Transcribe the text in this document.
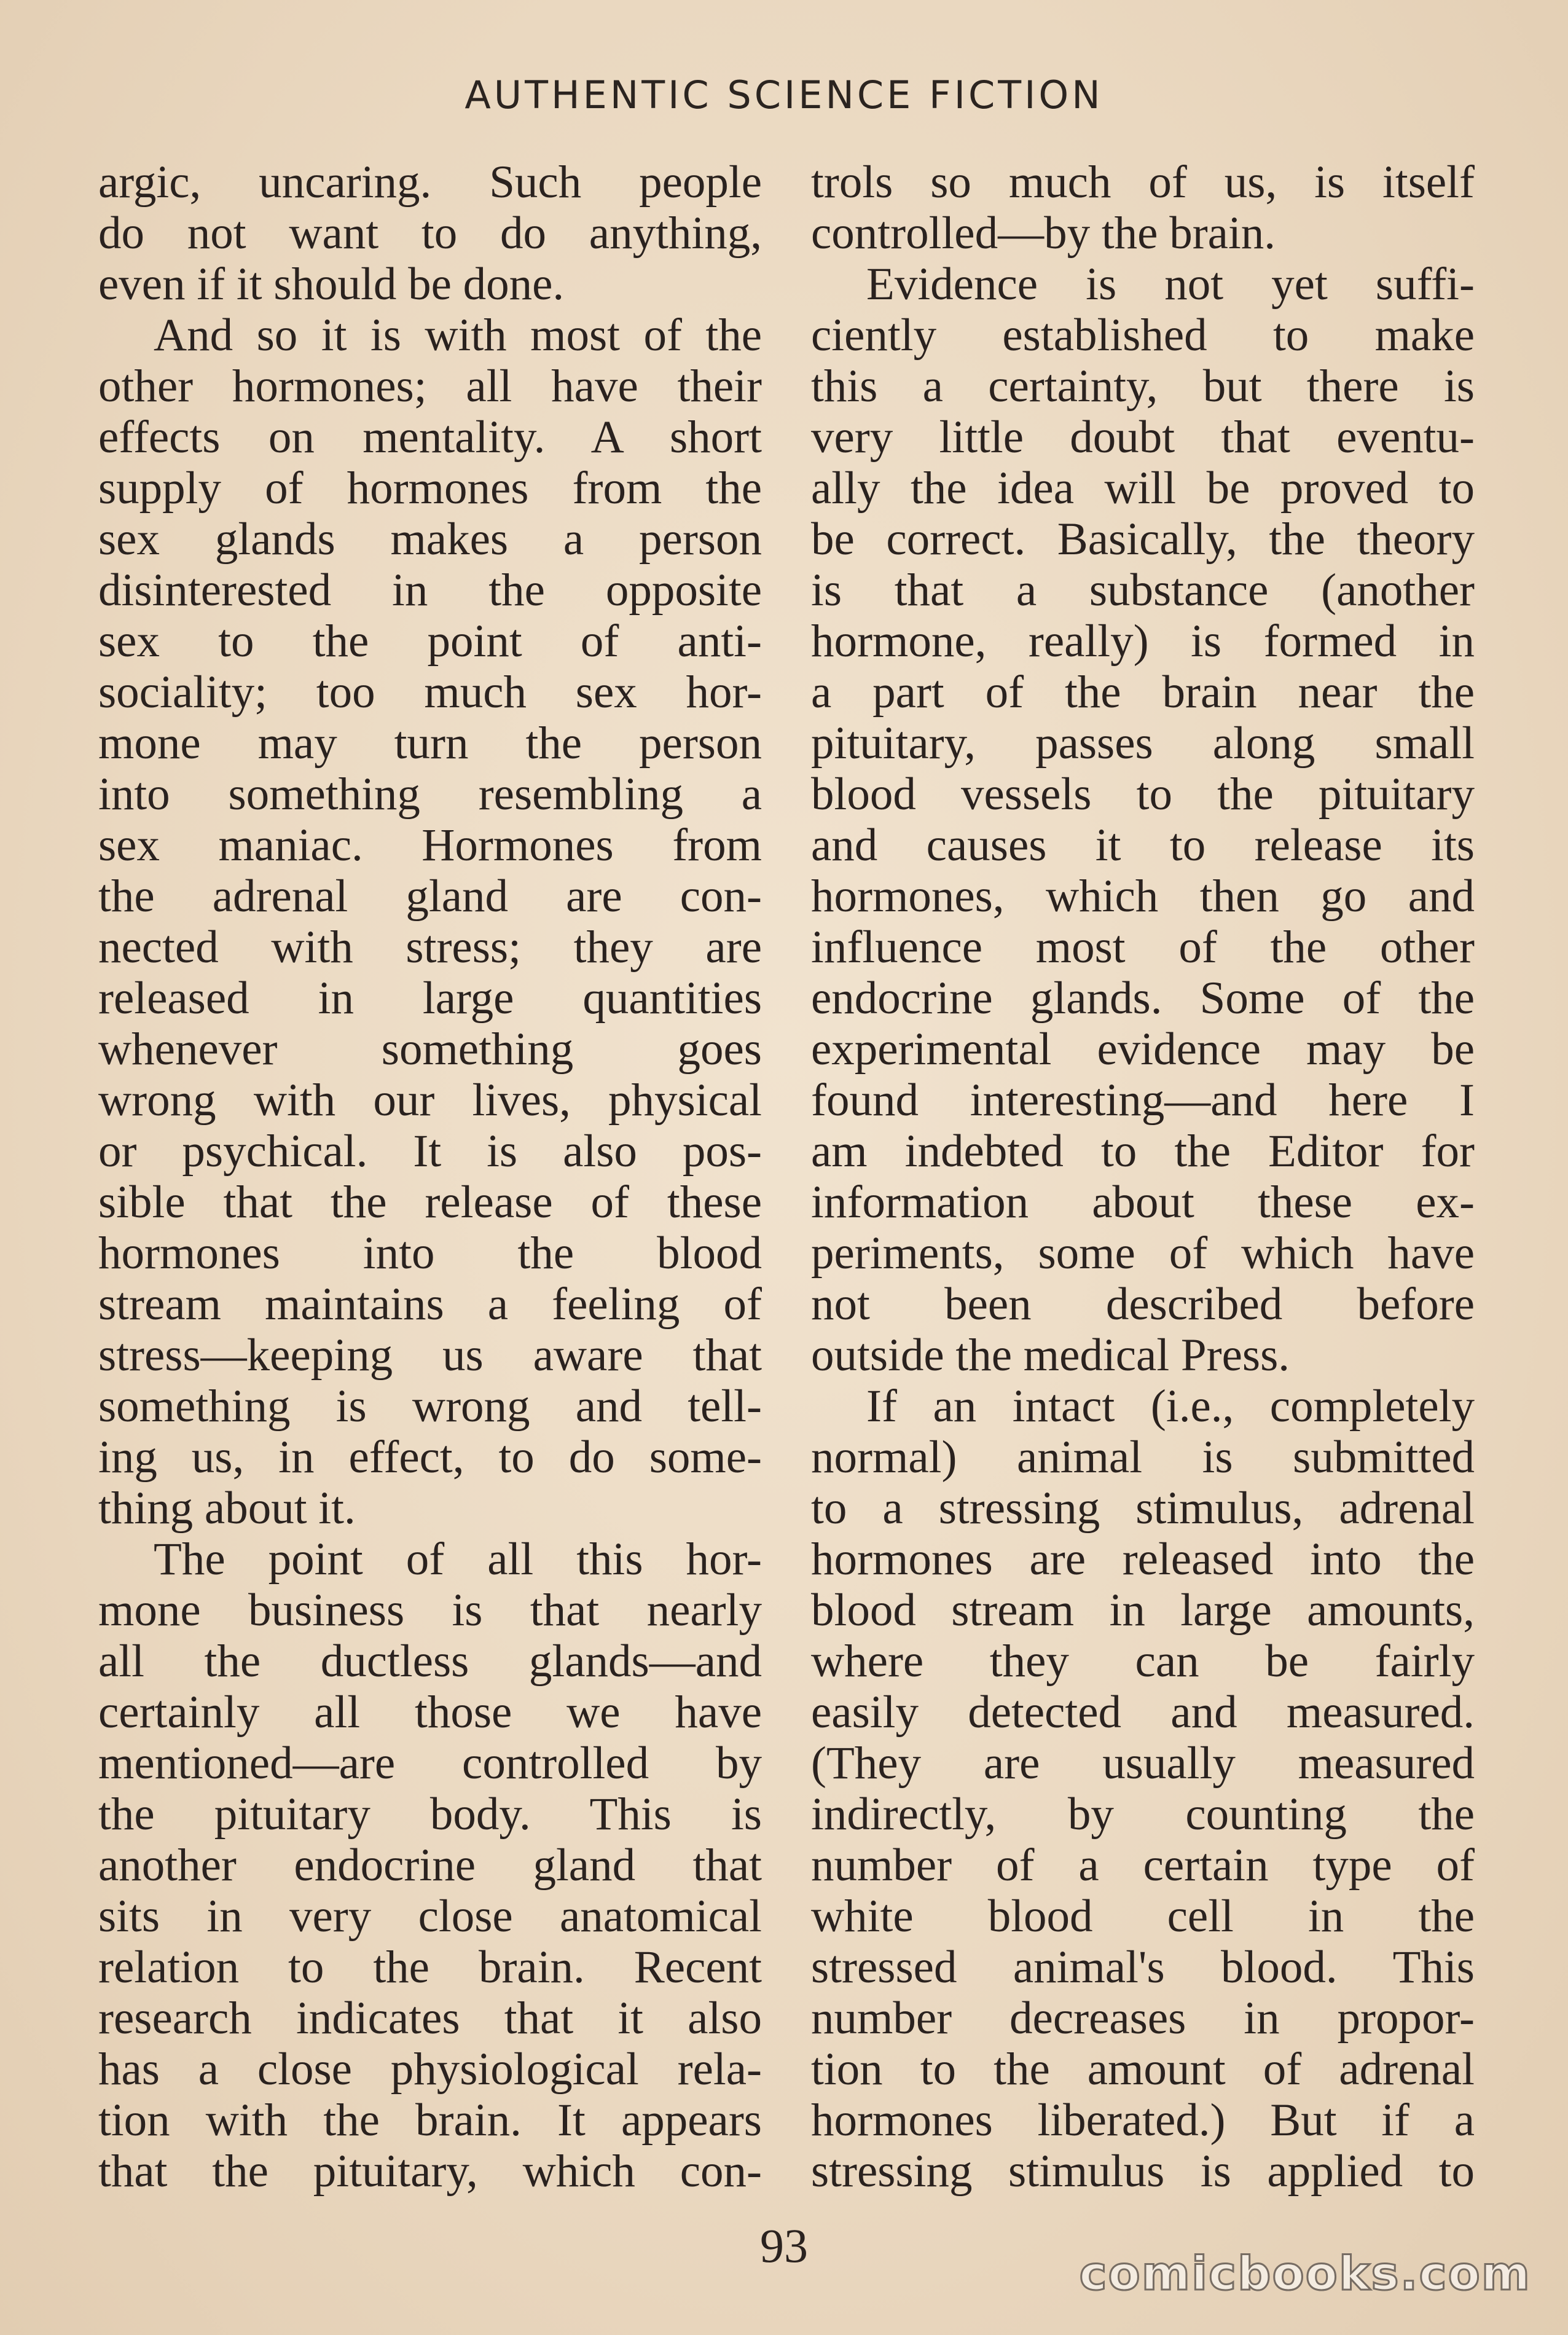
AUTHENTIC SCIENCE FICTION
argic, uncaring. Such people
do not want to do anything,
even if it should be done.
And so it is with most of the
other hormones; all have their
effects on mentality. A short
supply of hormones from the
sex glands makes a person
disinterested in the opposite
sex to the point of anti-
sociality; too much sex hor-
mone may turn the person
into something resembling a
sex maniac. Hormones from
the adrenal gland are con-
nected with stress; they are
released in large quantities
whenever something goes
wrong with our lives, physical
or psychical. It is also pos-
sible that the release of these
hormones into the blood
stream maintains a feeling of
stress—keeping us aware that
something is wrong and tell-
ing us, in effect, to do some-
thing about it.
The point of all this hor-
mone business is that nearly
all the ductless glands—and
certainly all those we have
mentioned—are controlled by
the pituitary body. This is
another endocrine gland that
sits in very close anatomical
relation to the brain. Recent
research indicates that it also
has a close physiological rela-
tion with the brain. It appears
that the pituitary, which con-
trols so much of us, is itself
controlled—by the brain.
Evidence is not yet suffi-
ciently established to make
this a certainty, but there is
very little doubt that eventu-
ally the idea will be proved to
be correct. Basically, the theory
is that a substance (another
hormone, really) is formed in
a part of the brain near the
pituitary, passes along small
blood vessels to the pituitary
and causes it to release its
hormones, which then go and
influence most of the other
endocrine glands. Some of the
experimental evidence may be
found interesting—and here I
am indebted to the Editor for
information about these ex-
periments, some of which have
not been described before
outside the medical Press.
If an intact (i.e., completely
normal) animal is submitted
to a stressing stimulus, adrenal
hormones are released into the
blood stream in large amounts,
where they can be fairly
easily detected and measured.
(They are usually measured
indirectly, by counting the
number of a certain type of
white blood cell in the
stressed animal's blood. This
number decreases in propor-
tion to the amount of adrenal
hormones liberated.) But if a
stressing stimulus is applied to
93
comicbooks.com
